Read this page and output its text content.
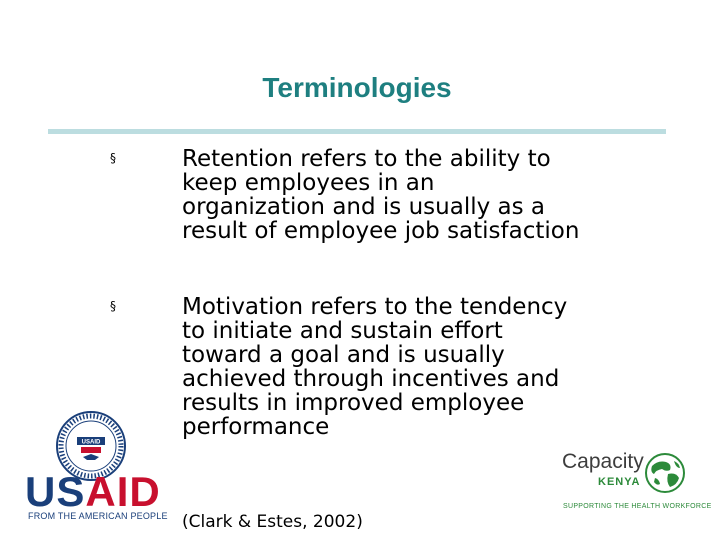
Terminologies
§	Retention refers to the ability to
keep employees in an
organization and is usually as a
result of employee job satisfaction
§	Motivation refers to the tendency
to initiate and sustain effort
toward a goal and is usually
achieved through incentives and
results in improved employee
performance
(Clark & Estes, 2002)
USAID
USAID
FROM THE AMERICAN PEOPLE
Capacity
KENYA
SUPPORTING THE HEALTH WORKFORCE
